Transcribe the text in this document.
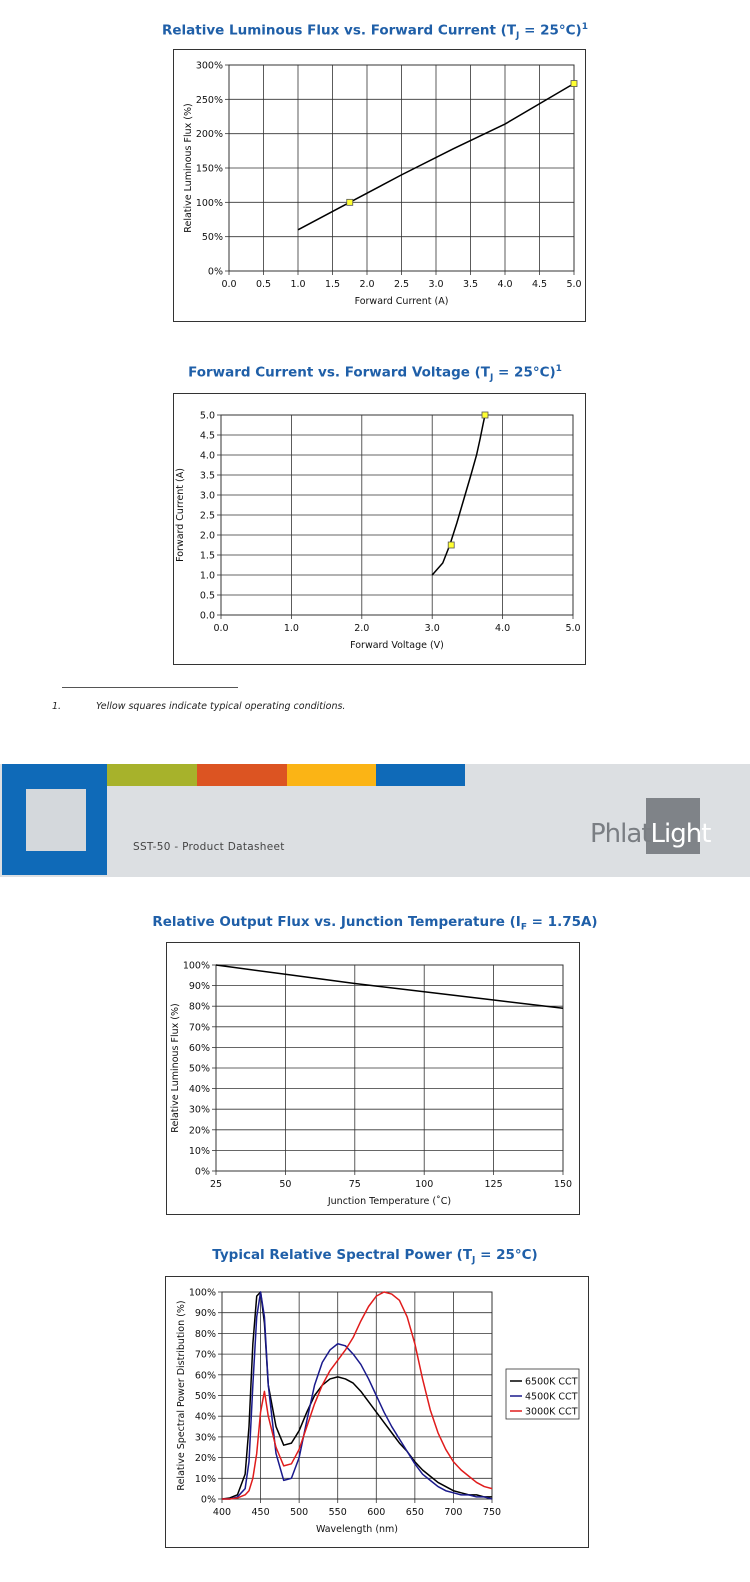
Relative Luminous Flux vs. Forward Current $(T_J = 25^\circ C)^1$
0.0 0.5 1.0 1.5 2.0 2.5 3.0 3.5 4.0 4.5 5.0
0%
50%
100%
150%
200%
250%
300%
Forward Current (A)
Relative Luminous Flux (%)
Forward Current vs. Forward Voltage $(T_J = 25^\circ C)^1$
0.0	1.0	2.0	3.0	4.0	5.0
0.0
0.5
1.0
1.5
2.0
2.5
3.0
3.5
4.0
4.5
5.0
Forward Voltage (V)
Forward Current (A)
1.	Yellow squares indicate typical operating conditions.
SST-50 - Product Datasheet	PhlatLight
Relative Output Flux vs. Junction Temperature $(I_F = 1.75A)$
25	50	75	100	125	150
0%
10%
20%
30%
40%
50%
60%
70%
80%
90%
100%
Junction Temperature (˚C)
Relative Luminous Flux (%)
Typical Relative Spectral Power $(T_J = 25^\circ C)$
400 450 500 550 600 650 700 750
0%
10%
20%
30%
40%
50%
60%
70%
80%
90%
100%
Wavelength (nm)
Relative Spectral Power Distribution (%)	6500K CCT
4500K CCT
3000K CCT
